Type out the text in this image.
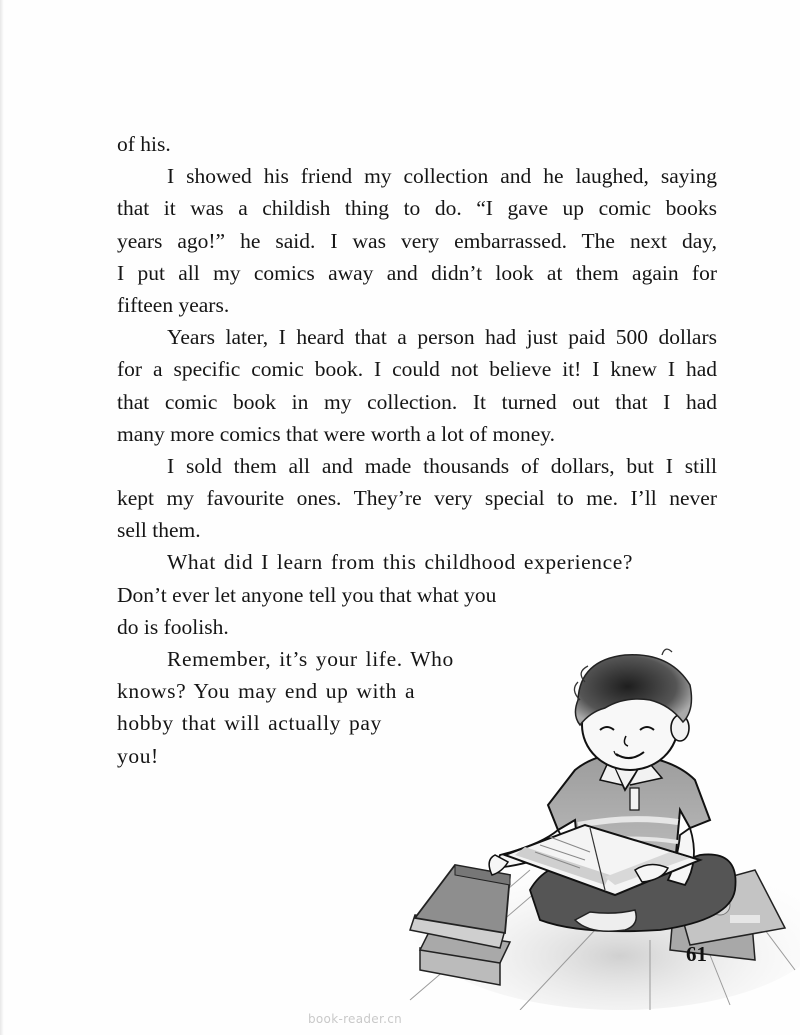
of his.
I showed his friend my collection and he laughed, saying
that it was a childish thing to do. “I gave up comic books
years ago!” he said. I was very embarrassed. The next day,
I put all my comics away and didn’t look at them again for
fifteen years.
Years later, I heard that a person had just paid 500 dollars
for a specific comic book. I could not believe it! I knew I had
that comic book in my collection. It turned out that I had
many more comics that were worth a lot of money.
I sold them all and made thousands of dollars, but I still
kept my favourite ones. They’re very special to me. I’ll never
sell them.
What did I learn from this childhood experience?
Don’t ever let anyone tell you that what you
do is foolish.
Remember, it’s your life. Who
knows? You may end up with a
hobby that will actually pay
you!
61
book-reader.cn
